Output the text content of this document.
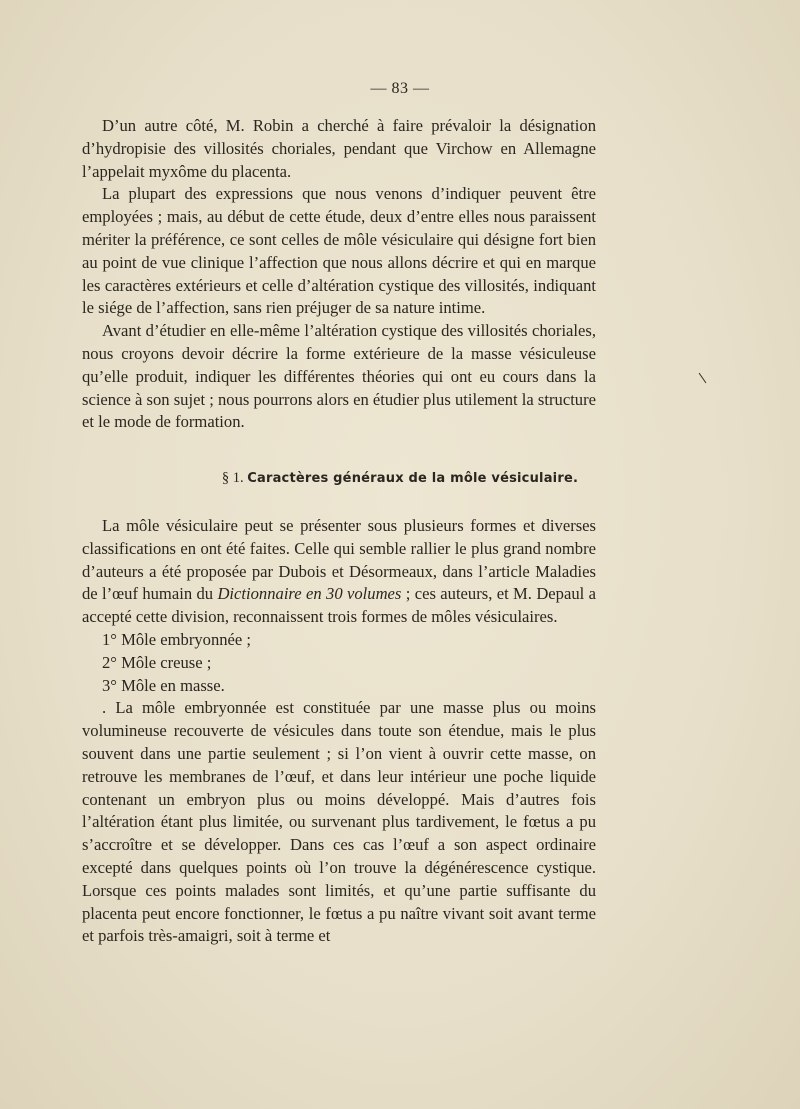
— 83 —

D’un autre côté, M. Robin a cherché à faire prévaloir la désignation d’hydropisie des villosités choriales, pendant que Virchow en Allemagne l’appelait myxôme du placenta.

La plupart des expressions que nous venons d’indiquer peuvent être employées ; mais, au début de cette étude, deux d’entre elles nous paraissent mériter la préférence, ce sont celles de môle vésiculaire qui désigne fort bien au point de vue clinique l’affection que nous allons décrire et qui en marque les caractères extérieurs et celle d’altération cystique des villosités, indiquant le siége de l’affection, sans rien préjuger de sa nature intime.

Avant d’étudier en elle-même l’altération cystique des villosités choriales, nous croyons devoir décrire la forme extérieure de la masse vésiculeuse qu’elle produit, indiquer les différentes théories qui ont eu cours dans la science à son sujet ; nous pourrons alors en étudier plus utilement la structure et le mode de formation.

§ 1. Caractères généraux de la môle vésiculaire.

La môle vésiculaire peut se présenter sous plusieurs formes et diverses classifications en ont été faites. Celle qui semble rallier le plus grand nombre d’auteurs a été proposée par Dubois et Désormeaux, dans l’article Maladies de l’œuf humain du Dictionnaire en 30 volumes ; ces auteurs, et M. Depaul a accepté cette division, reconnaissent trois formes de môles vésiculaires.

1° Môle embryonnée ;

2° Môle creuse ;

3° Môle en masse.

. La môle embryonnée est constituée par une masse plus ou moins volumineuse recouverte de vésicules dans toute son étendue, mais le plus souvent dans une partie seulement ; si l’on vient à ouvrir cette masse, on retrouve les membranes de l’œuf, et dans leur intérieur une poche liquide contenant un embryon plus ou moins développé. Mais d’autres fois l’altération étant plus limitée, ou survenant plus tardivement, le fœtus a pu s’accroître et se développer. Dans ces cas l’œuf a son aspect ordinaire excepté dans quelques points où l’on trouve la dégénérescence cystique. Lorsque ces points malades sont limités, et qu’une partie suffisante du placenta peut encore fonctionner, le fœtus a pu naître vivant soit avant terme et parfois très-amaigri, soit à terme et
